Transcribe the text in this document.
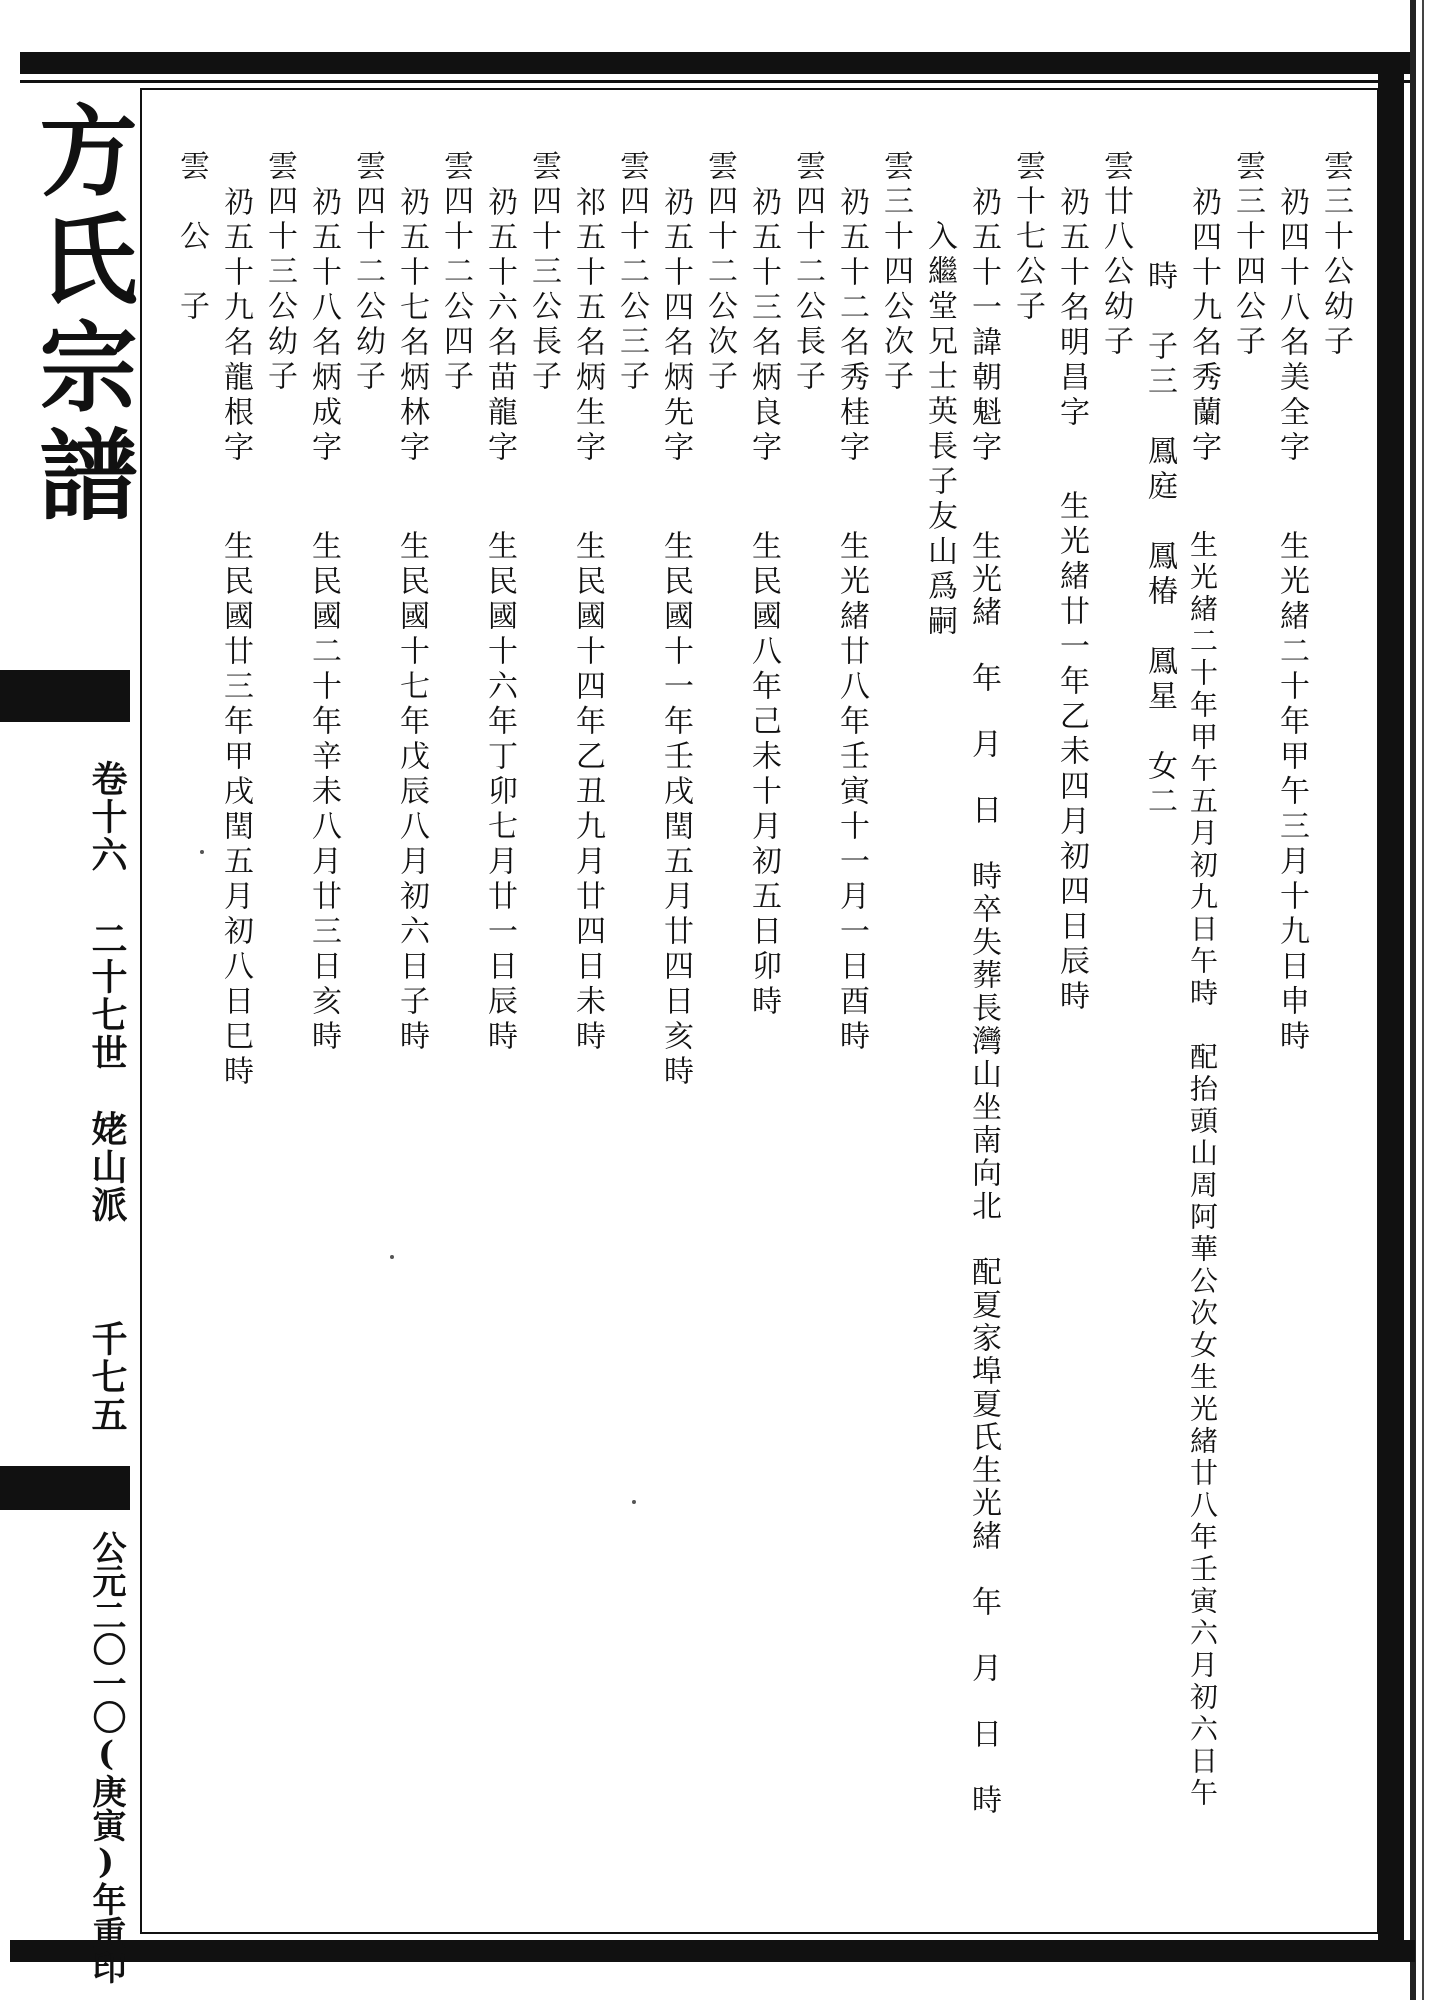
方氏宗譜
卷十六
二十七世
姥山派
千七五
公元二〇一〇(庚寅)年重印
雲三十公幼子
礽四十八名美全字
生光緒二十年甲午三月十九日申時
雲三十四公子
礽四十九名秀蘭字
生光緒二十年甲午五月初九日午時　配抬頭山周阿華公次女生光緒廿八年壬寅六月初六日午
時　子三　鳳庭　鳳椿　鳳星　女二
雲廿八公幼子
礽五十名明昌字
生光緒廿一年乙未四月初四日辰時
雲十七公子
礽五十一諱朝魁字
生光緒　年　月　日　時卒失葬長灣山坐南向北　配夏家埠夏氏生光緒　年　月　日　時
入繼堂兄士英長子友山爲嗣
雲三十四公次子
礽五十二名秀桂字
生光緒廿八年壬寅十一月一日酉時
雲四十二公長子
礽五十三名炳良字
生民國八年己未十月初五日卯時
雲四十二公次子
礽五十四名炳先字
生民國十一年壬戌閏五月廿四日亥時
雲四十二公三子
祁五十五名炳生字
生民國十四年乙丑九月廿四日未時
雲四十三公長子
礽五十六名苗龍字
生民國十六年丁卯七月廿一日辰時
雲四十二公四子
礽五十七名炳林字
生民國十七年戊辰八月初六日子時
雲四十二公幼子
礽五十八名炳成字
生民國二十年辛未八月廿三日亥時
雲四十三公幼子
礽五十九名龍根字
生民國廿三年甲戌閏五月初八日巳時
雲　公　子
